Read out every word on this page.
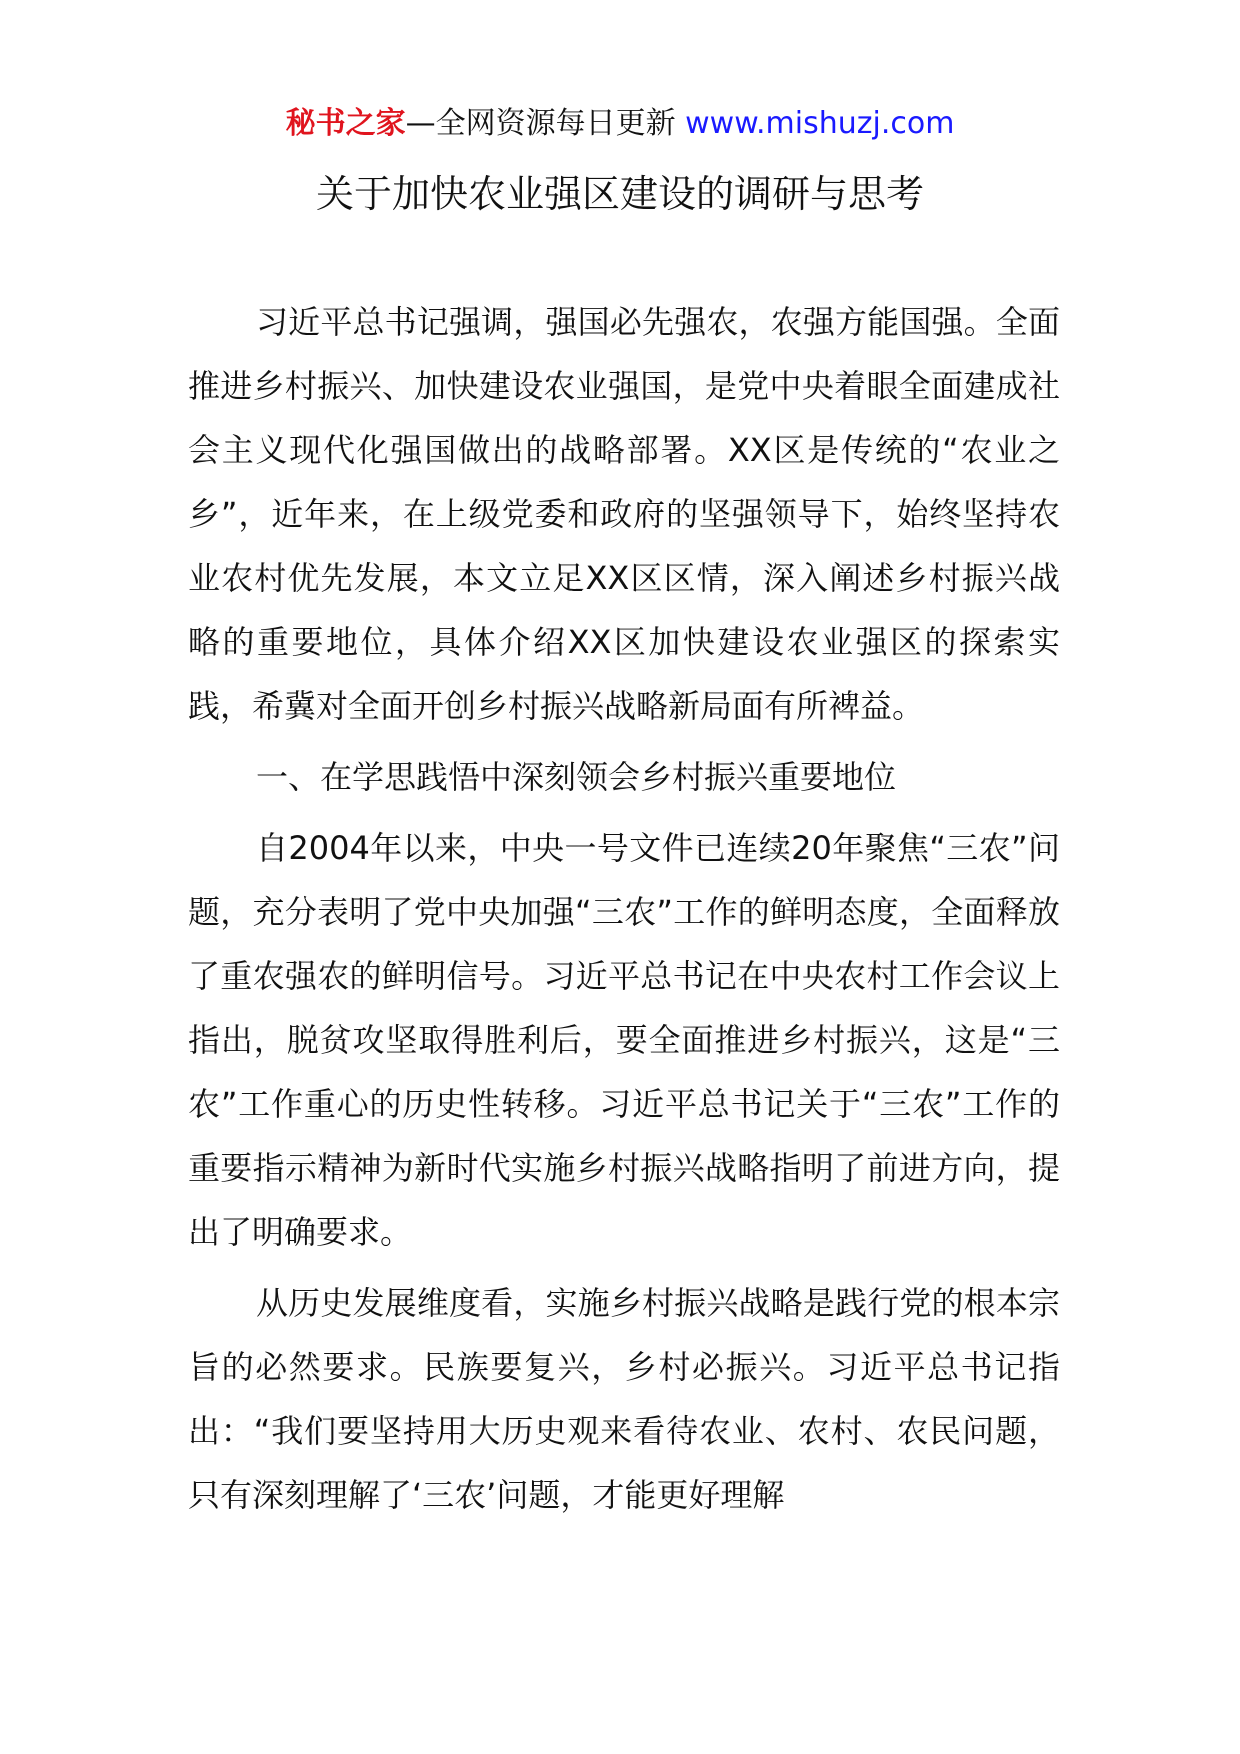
秘书之家—全网资源每日更新 www.mishuzj.com
关于加快农业强区建设的调研与思考

习近平总书记强调，强国必先强农，农强方能国强。全面推进乡村振兴、加快建设农业强国，是党中央着眼全面建成社会主义现代化强国做出的战略部署。XX区是传统的“农业之乡”，近年来，在上级党委和政府的坚强领导下，始终坚持农业农村优先发展，本文立足XX区区情，深入阐述乡村振兴战略的重要地位，具体介绍XX区加快建设农业强区的探索实践，希冀对全面开创乡村振兴战略新局面有所裨益。

一、在学思践悟中深刻领会乡村振兴重要地位

自2004年以来，中央一号文件已连续20年聚焦“三农”问题，充分表明了党中央加强“三农”工作的鲜明态度，全面释放了重农强农的鲜明信号。习近平总书记在中央农村工作会议上指出，脱贫攻坚取得胜利后，要全面推进乡村振兴，这是“三农”工作重心的历史性转移。习近平总书记关于“三农”工作的重要指示精神为新时代实施乡村振兴战略指明了前进方向，提出了明确要求。

从历史发展维度看，实施乡村振兴战略是践行党的根本宗旨的必然要求。民族要复兴，乡村必振兴。习近平总书记指出：“我们要坚持用大历史观来看待农业、农村、农民问题，只有深刻理解了‘三农’问题，才能更好理解
